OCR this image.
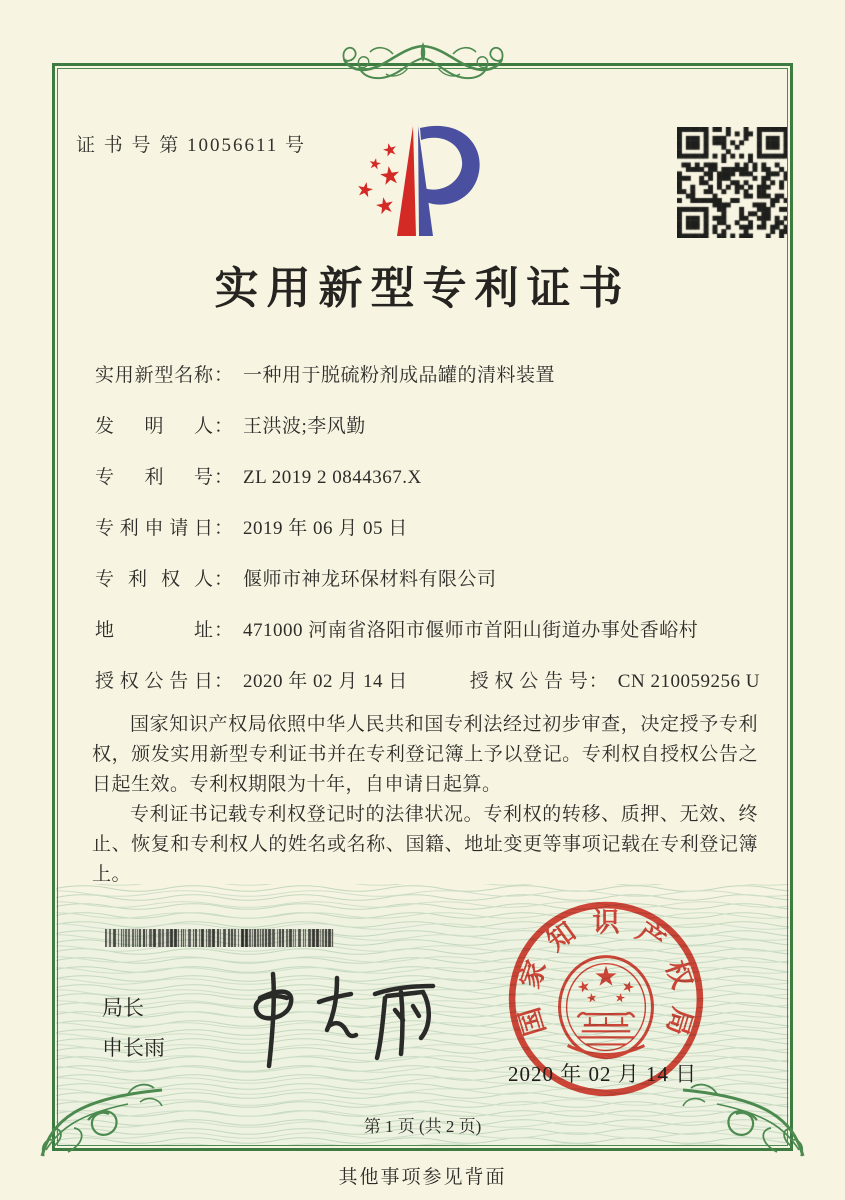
证 书 号 第 10056611 号
实用新型专利证书
实 用 新 型 名 称 ： 一种用于脱硫粉剂成品罐的清料装置
发 明 人 ： 王洪波;李风勤
专 利 号 ： ZL 2019 2 0844367.X
专 利 申 请 日 ： 2019 年 06 月 05 日
专 利 权 人 ： 偃师市神龙环保材料有限公司
地	址 ： 471000 河南省洛阳市偃师市首阳山街道办事处香峪村
授 权 公 告 日 ： 2020 年 02 月 14 日	授 权 公 告 号 ： CN 210059256 U

国家知识产权局依照中华人民共和国专利法经过初步审查，决定授予专利权，颁发实用新型专利证书并在专利登记簿上予以登记。专利权自授权公告之日起生效。专利权期限为十年，自申请日起算。

专利证书记载专利权登记时的法律状况。专利权的转移、质押、无效、终止、恢复和专利权人的姓名或名称、国籍、地址变更等事项记载在专利登记簿上。

局长
申长雨
国
家
知 识 产
权
局
2020 年 02 月 14 日
第 1 页 (共 2 页)
其他事项参见背面
